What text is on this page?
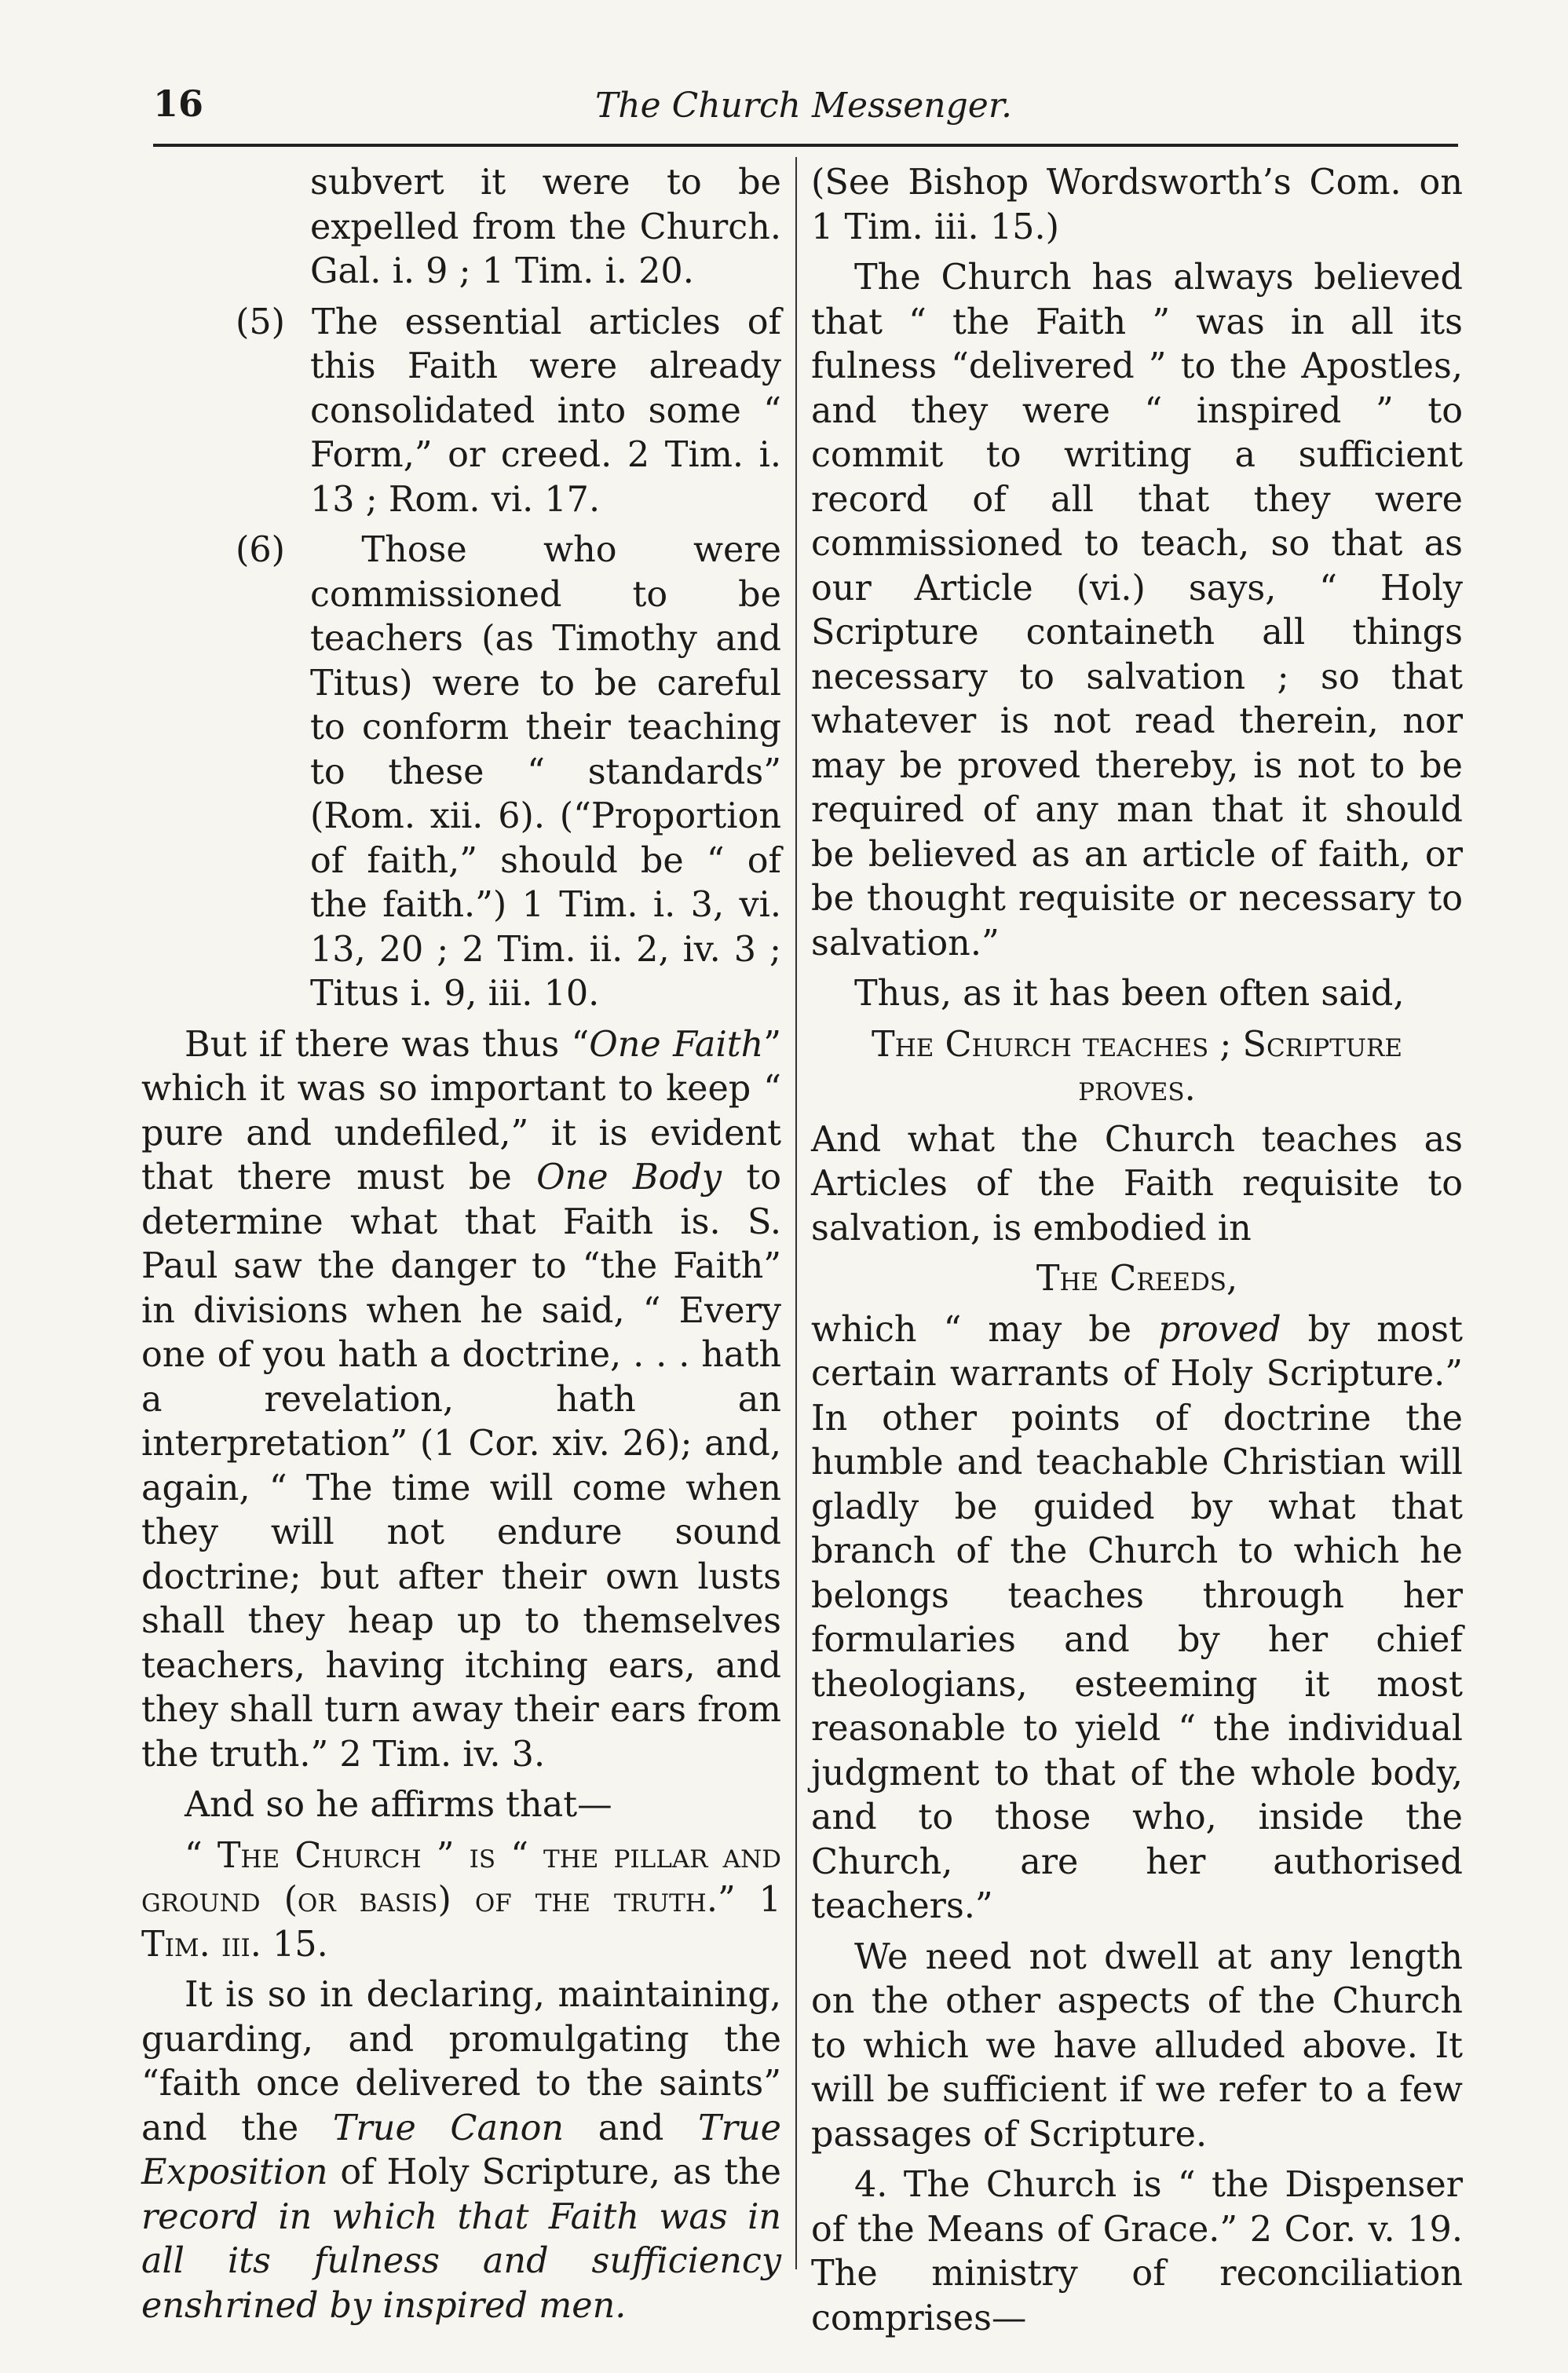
16	The Church Messenger.

subvert it were to be expelled from the Church. Gal. i. 9 ; 1 Tim. i. 20.

(5) The essential articles of this Faith were already consolidated into some “ Form,” or creed. 2 Tim. i. 13 ; Rom. vi. 17.

(6) Those who were commissioned to be teachers (as Timothy and Titus) were to be careful to conform their teaching to these “ standards” (Rom. xii. 6). (“Proportion of faith,” should be “ of the faith.”) 1 Tim. i. 3, vi. 13, 20 ; 2 Tim. ii. 2, iv. 3 ; Titus i. 9, iii. 10.

But if there was thus “One Faith” which it was so important to keep “ pure and undefiled,” it is evident that there must be One Body to determine what that Faith is. S. Paul saw the danger to “the Faith” in divisions when he said, “ Every one of you hath a doctrine, . . . hath a revelation, hath an interpretation” (1 Cor. xiv. 26); and, again, “ The time will come when they will not endure sound doctrine; but after their own lusts shall they heap up to themselves teachers, having itching ears, and they shall turn away their ears from the truth.” 2 Tim. iv. 3.

And so he affirms that—

“ The Church ” is “ the pillar and ground (or basis) of the truth.” 1 Tim. iii. 15.

It is so in declaring, maintaining, guarding, and promulgating the “faith once delivered to the saints” and the True Canon and True Exposition of Holy Scripture, as the record in which that Faith was in all its fulness and sufficiency enshrined by inspired men.

(See Bishop Wordsworth’s Com. on 1 Tim. iii. 15.)

The Church has always believed that “ the Faith ” was in all its fulness “delivered ” to the Apostles, and they were “ inspired ” to commit to writing a sufficient record of all that they were commissioned to teach, so that as our Article (vi.) says, “ Holy Scripture containeth all things necessary to salvation ; so that whatever is not read therein, nor may be proved thereby, is not to be required of any man that it should be believed as an article of faith, or be thought requisite or necessary to salvation.”

Thus, as it has been often said,

The Church teaches ; Scripture proves.

And what the Church teaches as Articles of the Faith requisite to salvation, is embodied in

The Creeds,

which “ may be proved by most certain warrants of Holy Scripture.” In other points of doctrine the humble and teachable Christian will gladly be guided by what that branch of the Church to which he belongs teaches through her formularies and by her chief theologians, esteeming it most reasonable to yield “ the individual judgment to that of the whole body, and to those who, inside the Church, are her authorised teachers.”

We need not dwell at any length on the other aspects of the Church to which we have alluded above. It will be sufficient if we refer to a few passages of Scripture.

4. The Church is “ the Dispenser of the Means of Grace.” 2 Cor. v. 19. The ministry of reconciliation comprises—
